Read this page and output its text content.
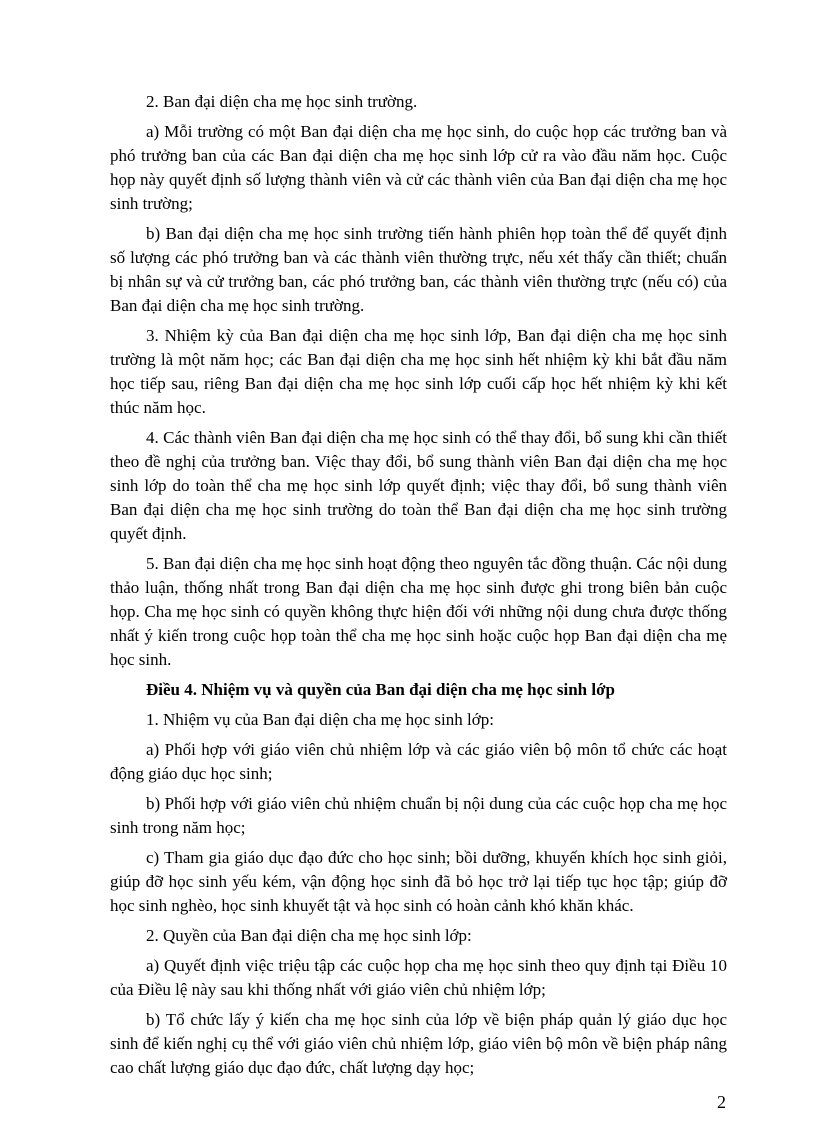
2. Ban đại diện cha mẹ học sinh trường.

a) Mỗi trường có một Ban đại diện cha mẹ học sinh, do cuộc họp các trưởng ban và phó trưởng ban của các Ban đại diện cha mẹ học sinh lớp cử ra vào đầu năm học. Cuộc họp này quyết định số lượng thành viên và cử các thành viên của Ban đại diện cha mẹ học sinh trường;

b) Ban đại diện cha mẹ học sinh trường tiến hành phiên họp toàn thể để quyết định số lượng các phó trưởng ban và các thành viên thường trực, nếu xét thấy cần thiết; chuẩn bị nhân sự và cử trưởng ban, các phó trưởng ban, các thành viên thường trực (nếu có) của Ban đại diện cha mẹ học sinh trường.

3. Nhiệm kỳ của Ban đại diện cha mẹ học sinh lớp, Ban đại diện cha mẹ học sinh trường là một năm học; các Ban đại diện cha mẹ học sinh hết nhiệm kỳ khi bắt đầu năm học tiếp sau, riêng Ban đại diện cha mẹ học sinh lớp cuối cấp học hết nhiệm kỳ khi kết thúc năm học.

4. Các thành viên Ban đại diện cha mẹ học sinh có thể thay đổi, bổ sung khi cần thiết theo đề nghị của trưởng ban. Việc thay đổi, bổ sung thành viên Ban đại diện cha mẹ học sinh lớp do toàn thể cha mẹ học sinh lớp quyết định; việc thay đổi, bổ sung thành viên Ban đại diện cha mẹ học sinh trường do toàn thể Ban đại diện cha mẹ học sinh trường quyết định.

5. Ban đại diện cha mẹ học sinh hoạt động theo nguyên tắc đồng thuận. Các nội dung thảo luận, thống nhất trong Ban đại diện cha mẹ học sinh được ghi trong biên bản cuộc họp. Cha mẹ học sinh có quyền không thực hiện đối với những nội dung chưa được thống nhất ý kiến trong cuộc họp toàn thể cha mẹ học sinh hoặc cuộc họp Ban đại diện cha mẹ học sinh.

Điều 4. Nhiệm vụ và quyền của Ban đại diện cha mẹ học sinh lớp

1. Nhiệm vụ của Ban đại diện cha mẹ học sinh lớp:

a) Phối hợp với giáo viên chủ nhiệm lớp và các giáo viên bộ môn tổ chức các hoạt động giáo dục học sinh;

b) Phối hợp với giáo viên chủ nhiệm chuẩn bị nội dung của các cuộc họp cha mẹ học sinh trong năm học;

c) Tham gia giáo dục đạo đức cho học sinh; bồi dưỡng, khuyến khích học sinh giỏi, giúp đỡ học sinh yếu kém, vận động học sinh đã bỏ học trở lại tiếp tục học tập; giúp đỡ học sinh nghèo, học sinh khuyết tật và học sinh có hoàn cảnh khó khăn khác.

2. Quyền của Ban đại diện cha mẹ học sinh lớp:

a) Quyết định việc triệu tập các cuộc họp cha mẹ học sinh theo quy định tại Điều 10 của Điều lệ này sau khi thống nhất với giáo viên chủ nhiệm lớp;

b) Tổ chức lấy ý kiến cha mẹ học sinh của lớp về biện pháp quản lý giáo dục học sinh để kiến nghị cụ thể với giáo viên chủ nhiệm lớp, giáo viên bộ môn về biện pháp nâng cao chất lượng giáo dục đạo đức, chất lượng dạy học;

2
